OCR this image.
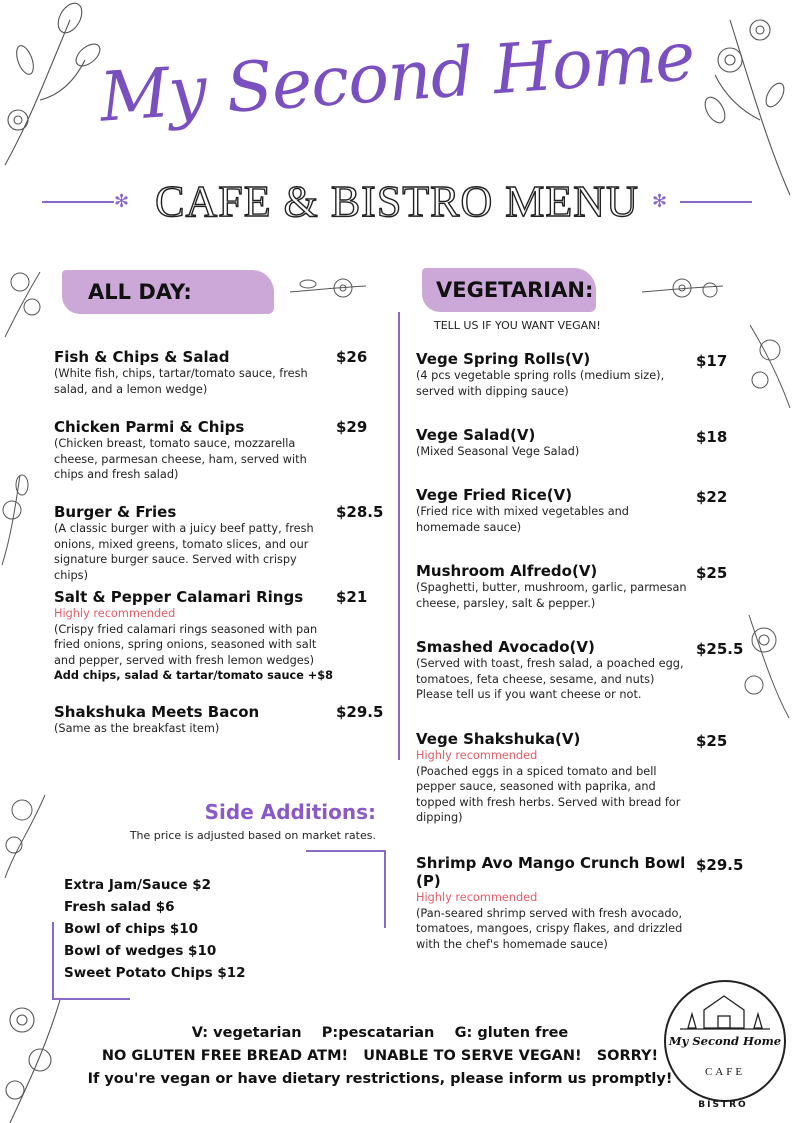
My Second Home
✻	✻
CAFE & BISTRO MENU
ALL DAY:	VEGETARIAN:
TELL US IF YOU WANT VEGAN!
Fish & Chips & Salad
(White fish, chips, tartar/tomato sauce, fresh salad, and a lemon wedge)
$26
Chicken Parmi & Chips
(Chicken breast, tomato sauce, mozzarella cheese, parmesan cheese, ham, served with chips and fresh salad)
$29
Burger & Fries
(A classic burger with a juicy beef patty, fresh onions, mixed greens, tomato slices, and our signature burger sauce. Served with crispy chips)
$28.5
Salt & Pepper Calamari Rings
Highly recommended
(Crispy fried calamari rings seasoned with pan fried onions, spring onions, seasoned with salt and pepper, served with fresh lemon wedges)
Add chips, salad & tartar/tomato sauce +$8
$21
Shakshuka Meets Bacon
(Same as the breakfast item)
$29.5
Side Additions:
The price is adjusted based on market rates.
Extra Jam/Sauce $2
Fresh salad $6
Bowl of chips $10
Bowl of wedges $10
Sweet Potato Chips $12
Vege Spring Rolls(V)
(4 pcs vegetable spring rolls (medium size), served with dipping sauce)
$17
Vege Salad(V)
(Mixed Seasonal Vege Salad)
$18
Vege Fried Rice(V)
(Fried rice with mixed vegetables and homemade sauce)
$22
Mushroom Alfredo(V)
(Spaghetti, butter, mushroom, garlic, parmesan cheese, parsley, salt & pepper.)
$25
Smashed Avocado(V)
(Served with toast, fresh salad, a poached egg, tomatoes, feta cheese, sesame, and nuts) Please tell us if you want cheese or not.
$25.5
Vege Shakshuka(V)
Highly recommended
(Poached eggs in a spiced tomato and bell pepper sauce, seasoned with paprika, and topped with fresh herbs. Served with bread for dipping)
$25
Shrimp Avo Mango Crunch Bowl (P)
Highly recommended
(Pan-seared shrimp served with fresh avocado, tomatoes, mangoes, crispy flakes, and drizzled with the chef's homemade sauce)
$29.5
V: vegetarian    P:pescatarian    G: gluten free
NO GLUTEN FREE BREAD ATM!   UNABLE TO SERVE VEGAN!   SORRY!
If you're vegan or have dietary restrictions, please inform us promptly!
My Second Home
CAFE
BISTRO
